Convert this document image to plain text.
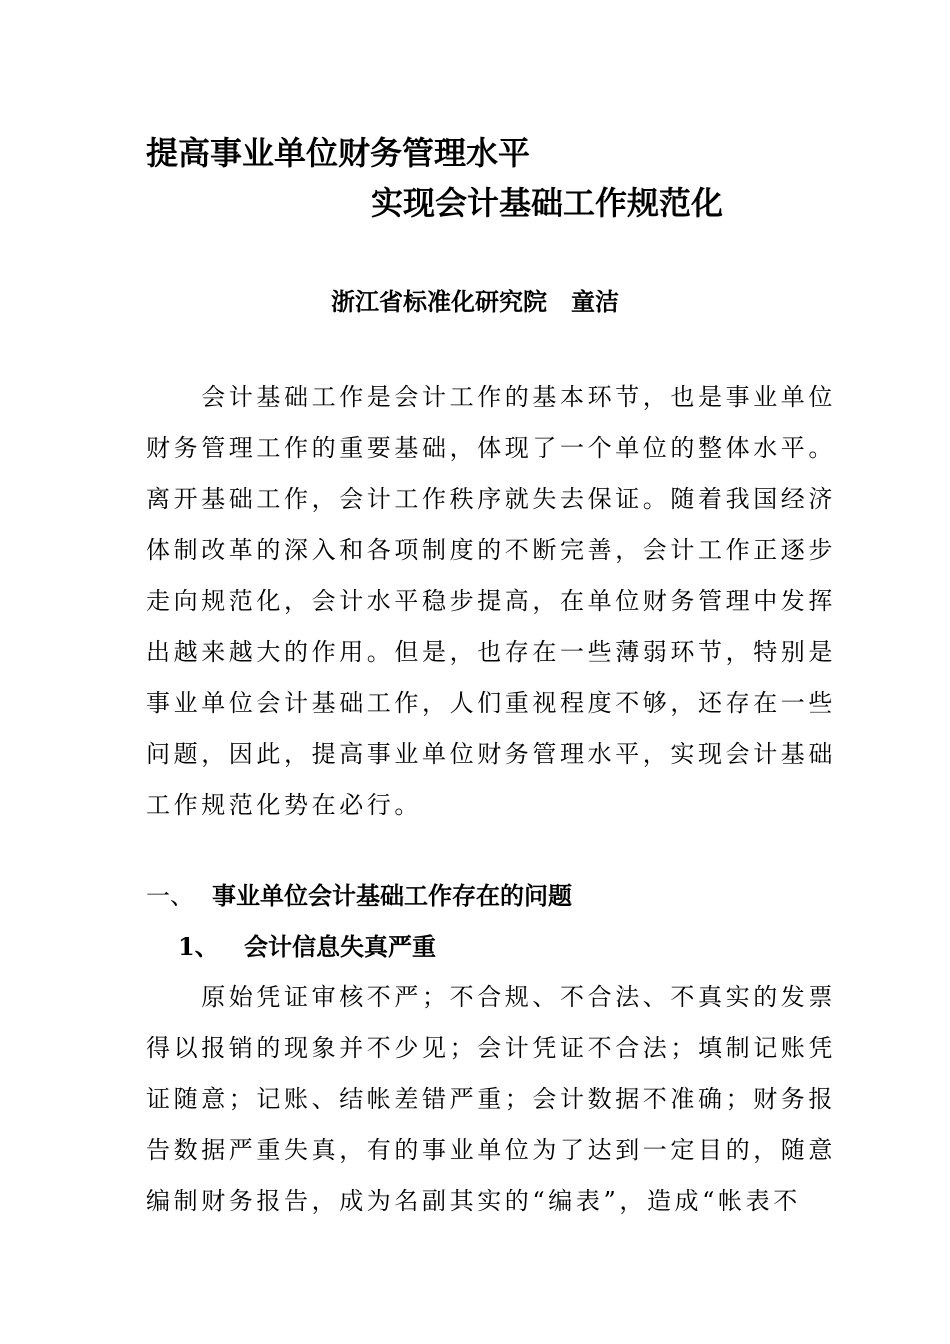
提高事业单位财务管理水平
实现会计基础工作规范化
浙江省标准化研究院　童洁
　　会计基础工作是会计工作的基本环节，也是事业单位
财务管理工作的重要基础，体现了一个单位的整体水平。
离开基础工作，会计工作秩序就失去保证。随着我国经济
体制改革的深入和各项制度的不断完善，会计工作正逐步
走向规范化，会计水平稳步提高，在单位财务管理中发挥
出越来越大的作用。但是，也存在一些薄弱环节，特别是
事业单位会计基础工作，人们重视程度不够，还存在一些
问题，因此，提高事业单位财务管理水平，实现会计基础
工作规范化势在必行。
一、 事业单位会计基础工作存在的问题
1、	会计信息失真严重
　　原始凭证审核不严；不合规、不合法、不真实的发票
得以报销的现象并不少见；会计凭证不合法；填制记账凭
证随意；记账、结帐差错严重；会计数据不准确；财务报
告数据严重失真，有的事业单位为了达到一定目的，随意
编制财务报告，成为名副其实的“编表”，造成“帐表不
